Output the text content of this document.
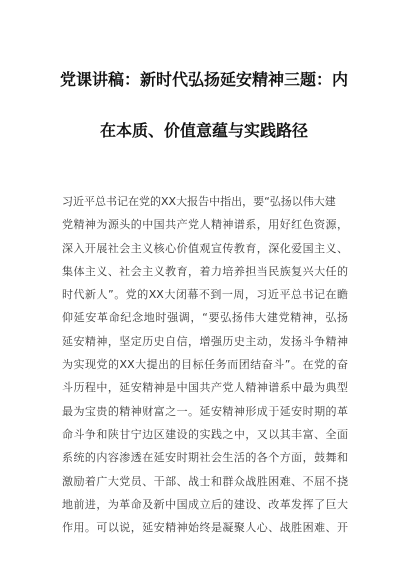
党课讲稿：新时代弘扬延安精神三题：内
在本质、价值意蕴与实践路径
习近平总书记在党的XX大报告中指出，要“弘扬以伟大建
党精神为源头的中国共产党人精神谱系，用好红色资源，
深入开展社会主义核心价值观宣传教育，深化爱国主义、
集体主义、社会主义教育，着力培养担当民族复兴大任的
时代新人”。党的XX大闭幕不到一周，习近平总书记在瞻
仰延安革命纪念地时强调，“要弘扬伟大建党精神，弘扬
延安精神，坚定历史自信，增强历史主动，发扬斗争精神
为实现党的XX大提出的目标任务而团结奋斗”。在党的奋
斗历程中，延安精神是中国共产党人精神谱系中最为典型
最为宝贵的精神财富之一。延安精神形成于延安时期的革
命斗争和陕甘宁边区建设的实践之中，又以其丰富、全面
系统的内容渗透在延安时期社会生活的各个方面，鼓舞和
激励着广大党员、干部、战士和群众战胜困难、不屈不挠
地前进，为革命及新中国成立后的建设、改革发挥了巨大
作用。可以说，延安精神始终是凝聚人心、战胜困难、开
